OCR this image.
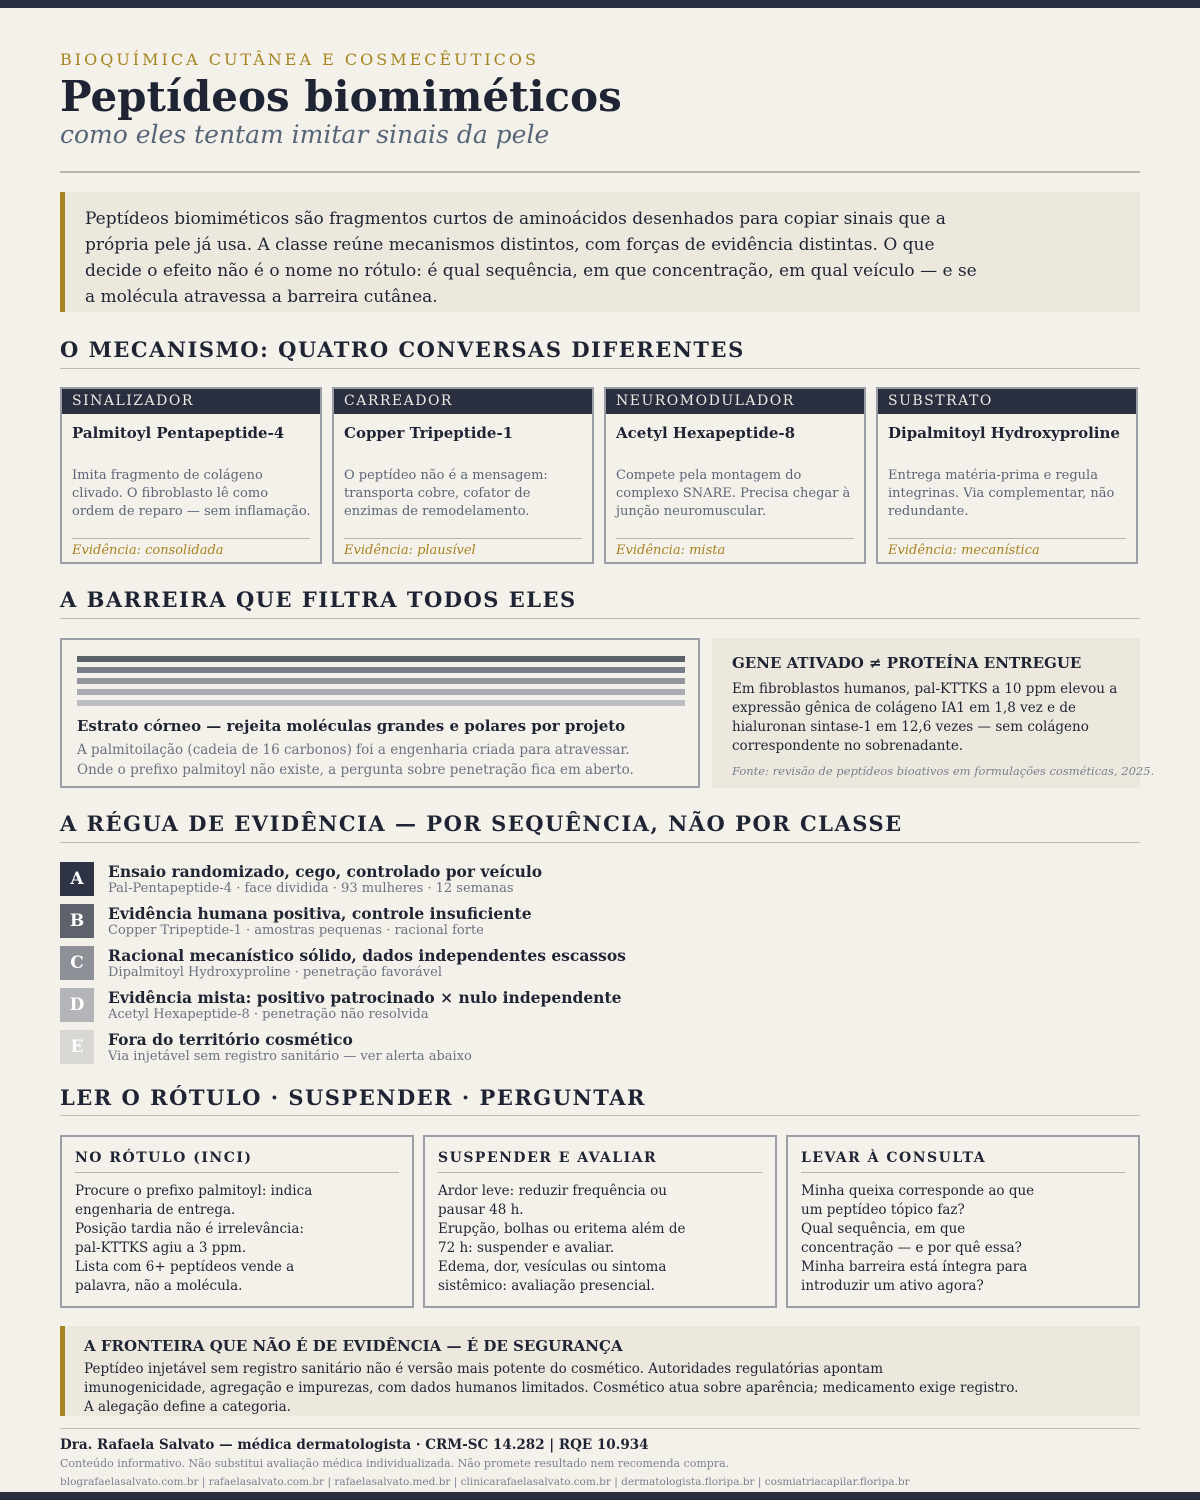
BIOQUÍMICA CUTÂNEA E COSMECÊUTICOS
Peptídeos biomiméticos
como eles tentam imitar sinais da pele
Peptídeos biomiméticos são fragmentos curtos de aminoácidos desenhados para copiar sinais que a própria pele já usa. A classe reúne mecanismos distintos, com forças de evidência distintas. O que decide o efeito não é o nome no rótulo: é qual sequência, em que concentração, em qual veículo — e se a molécula atravessa a barreira cutânea.
O MECANISMO: QUATRO CONVERSAS DIFERENTES
SINALIZADOR
Palmitoyl Pentapeptide-4
Imita fragmento de colágeno clivado. O fibroblasto lê como ordem de reparo — sem inflamação.
Evidência: consolidada
CARREADOR
Copper Tripeptide-1
O peptídeo não é a mensagem: transporta cobre, cofator de enzimas de remodelamento.
Evidência: plausível
NEUROMODULADOR
Acetyl Hexapeptide-8
Compete pela montagem do complexo SNARE. Precisa chegar à junção neuromuscular.
Evidência: mista
SUBSTRATO
Dipalmitoyl Hydroxyproline
Entrega matéria-prima e regula integrinas. Via complementar, não redundante.
Evidência: mecanística
A BARREIRA QUE FILTRA TODOS ELES
Estrato córneo — rejeita moléculas grandes e polares por projeto
A palmitoilação (cadeia de 16 carbonos) foi a engenharia criada para atravessar. Onde o prefixo palmitoyl não existe, a pergunta sobre penetração fica em aberto.
GENE ATIVADO ≠ PROTEÍNA ENTREGUE
Em fibroblastos humanos, pal-KTTKS a 10 ppm elevou a expressão gênica de colágeno IA1 em 1,8 vez e de hialuronan sintase-1 em 12,6 vezes — sem colágeno correspondente no sobrenadante.
Fonte: revisão de peptídeos bioativos em formulações cosméticas, 2025.
A RÉGUA DE EVIDÊNCIA — POR SEQUÊNCIA, NÃO POR CLASSE
A	Ensaio randomizado, cego, controlado por veículo
Pal-Pentapeptide-4 · face dividida · 93 mulheres · 12 semanas
B	Evidência humana positiva, controle insuficiente
Copper Tripeptide-1 · amostras pequenas · racional forte
C	Racional mecanístico sólido, dados independentes escassos
Dipalmitoyl Hydroxyproline · penetração favorável
D	Evidência mista: positivo patrocinado × nulo independente
Acetyl Hexapeptide-8 · penetração não resolvida
E	Fora do território cosmético
Via injetável sem registro sanitário — ver alerta abaixo
LER O RÓTULO · SUSPENDER · PERGUNTAR
NO RÓTULO (INCI)
Procure o prefixo palmitoyl: indica
engenharia de entrega.
Posição tardia não é irrelevância:
pal-KTTKS agiu a 3 ppm.
Lista com 6+ peptídeos vende a
palavra, não a molécula.
SUSPENDER E AVALIAR
Ardor leve: reduzir frequência ou
pausar 48 h.
Erupção, bolhas ou eritema além de
72 h: suspender e avaliar.
Edema, dor, vesículas ou sintoma
sistêmico: avaliação presencial.
LEVAR À CONSULTA
Minha queixa corresponde ao que
um peptídeo tópico faz?
Qual sequência, em que
concentração — e por quê essa?
Minha barreira está íntegra para
introduzir um ativo agora?
A FRONTEIRA QUE NÃO É DE EVIDÊNCIA — É DE SEGURANÇA
Peptídeo injetável sem registro sanitário não é versão mais potente do cosmético. Autoridades regulatórias apontam
imunogenicidade, agregação e impurezas, com dados humanos limitados. Cosmético atua sobre aparência; medicamento exige registro.
A alegação define a categoria.
Dra. Rafaela Salvato — médica dermatologista · CRM-SC 14.282 | RQE 10.934
Conteúdo informativo. Não substitui avaliação médica individualizada. Não promete resultado nem recomenda compra.
blografaelasalvato.com.br | rafaelasalvato.com.br | rafaelasalvato.med.br | clinicarafaelasalvato.com.br | dermatologista.floripa.br | cosmiatriacapilar.floripa.br
